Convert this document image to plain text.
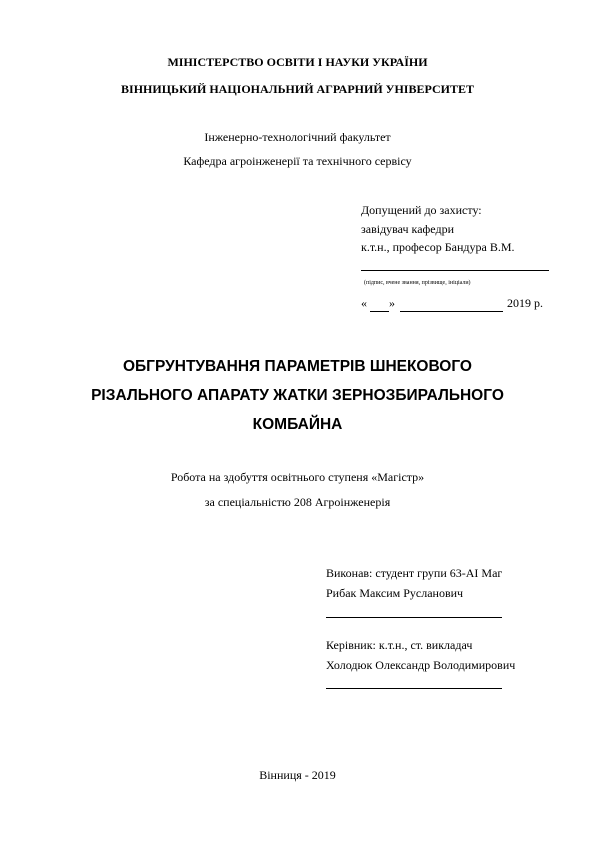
МІНІСТЕРСТВО ОСВІТИ І НАУКИ УКРАЇНИ
ВІННИЦЬКИЙ НАЦІОНАЛЬНИЙ АГРАРНИЙ УНІВЕРСИТЕТ
Інженерно-технологічний факультет
Кафедра агроінженерії та технічного сервісу
Допущений до захисту:
завідувач кафедри
к.т.н., професор Бандура В.М.
(підпис, вчене звання, прізвище, ініціали)
« »	2019 р.
ОБГРУНТУВАННЯ ПАРАМЕТРІВ ШНЕКОВОГО
РІЗАЛЬНОГО АПАРАТУ ЖАТКИ ЗЕРНОЗБИРАЛЬНОГО
КОМБАЙНА
Робота на здобуття освітнього ступеня «Магістр»
за спеціальністю 208 Агроінженерія
Виконав: студент групи 63-АІ Маг
Рибак Максим Русланович
Керівник: к.т.н., ст. викладач
Холодюк Олександр Володимирович
Вінниця - 2019
